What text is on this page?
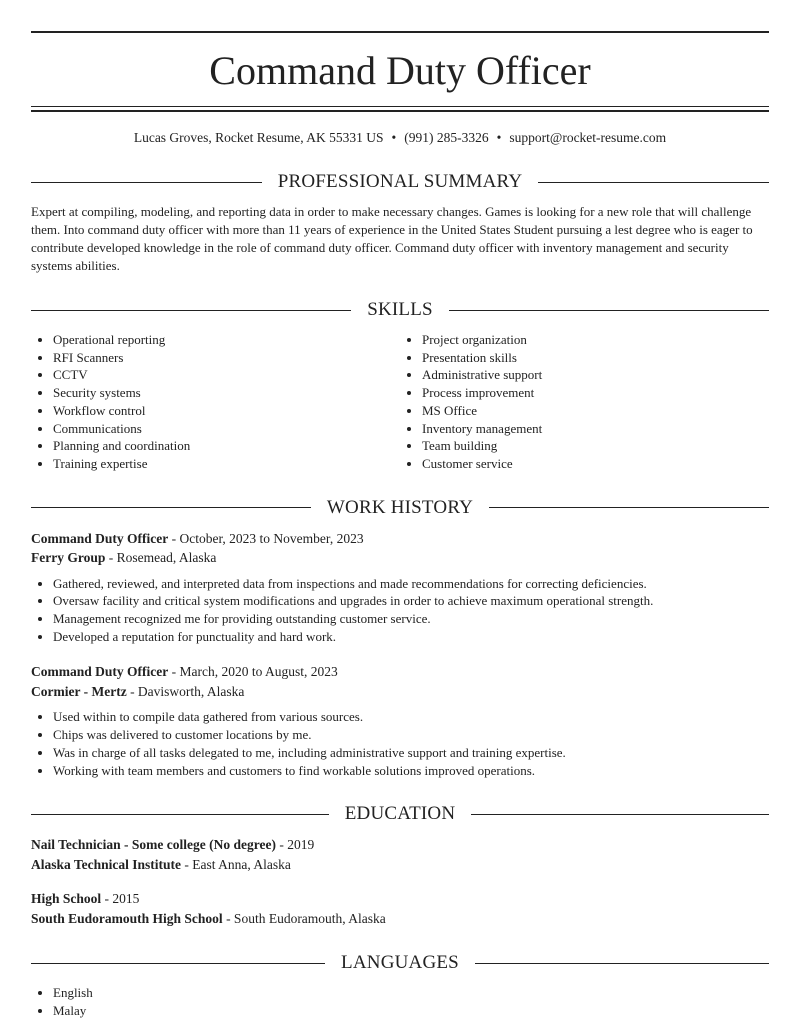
Command Duty Officer
Lucas Groves, Rocket Resume, AK 55331 US • (991) 285-3326 • support@rocket-resume.com
PROFESSIONAL SUMMARY

Expert at compiling, modeling, and reporting data in order to make necessary changes. Games is looking for a new role that will challenge them. Into command duty officer with more than 11 years of experience in the United States Student pursuing a lest degree who is eager to contribute developed knowledge in the role of command duty officer. Command duty officer with inventory management and security systems abilities.

SKILLS
• Operational reporting
• RFI Scanners
• CCTV
• Security systems
• Workflow control
• Communications
• Planning and coordination
• Training expertise
• Project organization
• Presentation skills
• Administrative support
• Process improvement
• MS Office
• Inventory management
• Team building
• Customer service
WORK HISTORY
Command Duty Officer - October, 2023 to November, 2023
Ferry Group - Rosemead, Alaska
• Gathered, reviewed, and interpreted data from inspections and made recommendations for correcting deficiencies.
• Oversaw facility and critical system modifications and upgrades in order to achieve maximum operational strength.
• Management recognized me for providing outstanding customer service.
• Developed a reputation for punctuality and hard work.
Command Duty Officer - March, 2020 to August, 2023
Cormier - Mertz - Davisworth, Alaska
• Used within to compile data gathered from various sources.
• Chips was delivered to customer locations by me.
• Was in charge of all tasks delegated to me, including administrative support and training expertise.
• Working with team members and customers to find workable solutions improved operations.
EDUCATION
Nail Technician - Some college (No degree) - 2019
Alaska Technical Institute - East Anna, Alaska
High School - 2015
South Eudoramouth High School - South Eudoramouth, Alaska
LANGUAGES
• English
• Malay
